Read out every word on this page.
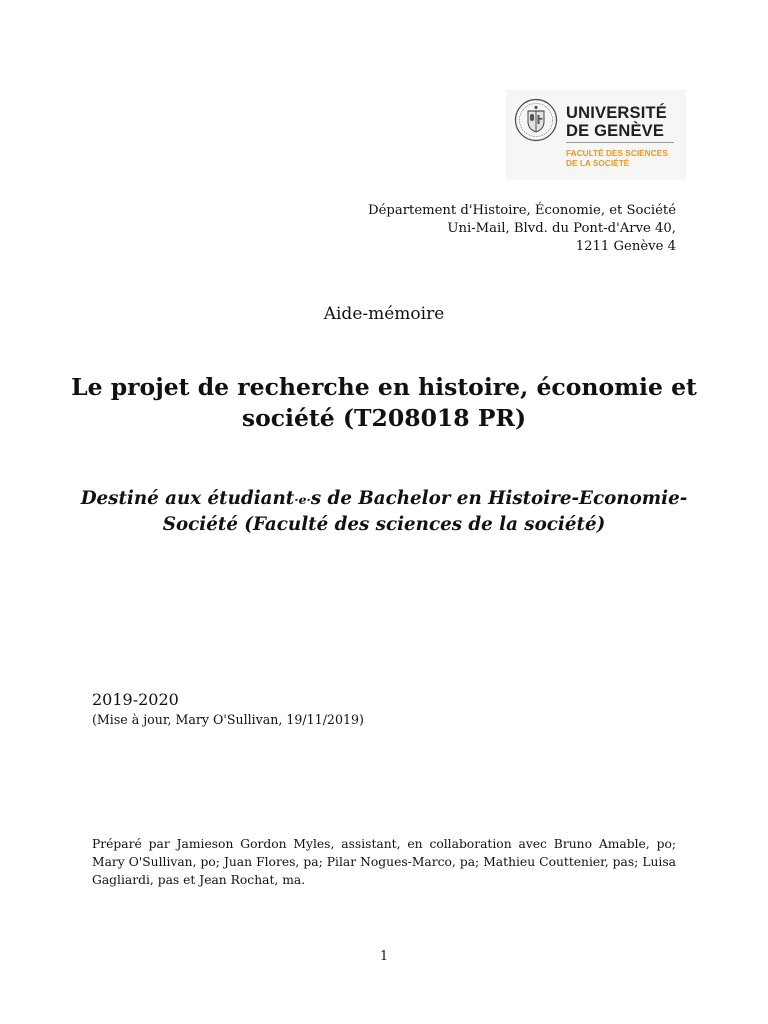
UNIVERSITÉ
DE GENÈVE
FACULTÉ DES SCIENCES
DE LA SOCIÉTÉ
Département d'Histoire, Économie, et Société
Uni-Mail, Blvd. du Pont-d'Arve 40,
1211 Genève 4
Aide-mémoire
Le projet de recherche en histoire, économie et société (T208018 PR)
Destiné aux étudiant·e·s de Bachelor en Histoire-Economie-Société (Faculté des sciences de la société)
2019-2020
(Mise à jour, Mary O'Sullivan, 19/11/2019)
Préparé par Jamieson Gordon Myles, assistant, en collaboration avec Bruno Amable, po; Mary O'Sullivan, po; Juan Flores, pa; Pilar Nogues-Marco, pa; Mathieu Couttenier, pas; Luisa Gagliardi, pas et Jean Rochat, ma.
1
